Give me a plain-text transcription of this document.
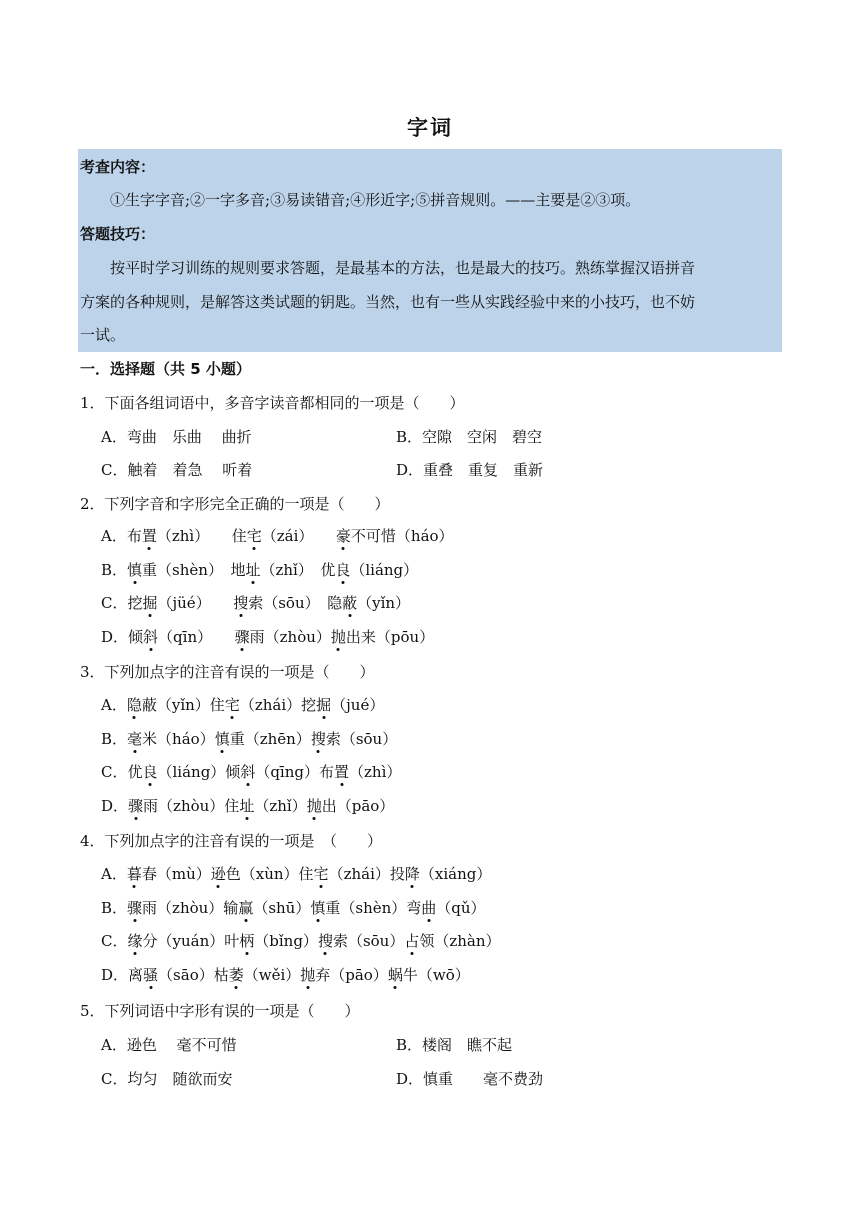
字词
考查内容：
①生字字音;②一字多音;③易读错音;④形近字;⑤拼音规则。——主要是②③项。
答题技巧：
按平时学习训练的规则要求答题，是最基本的方法，也是最大的技巧。熟练掌握汉语拼音
方案的各种规则，是解答这类试题的钥匙。当然，也有一些从实践经验中来的小技巧，也不妨
一试。
一．选择题（共 5 小题）
1．下面各组词语中，多音字读音都相同的一项是（　　）
A．弯曲　乐曲　 曲折	B．空隙　空闲　碧空
C．触着　着急　 听着	D．重叠　重复　重新
2．下列字音和字形完全正确的一项是（　　）
A．布置（zhì）　　住宅（zái）　　豪不可惜（háo）
B．慎重（shèn）　地址（zhǐ）　优良（liáng）
C．挖掘（jüé）　　搜索（sōu）　隐蔽（yǐn）
D．倾斜（qīn）　　骤雨（zhòu）抛出来（pōu）
3．下列加点字的注音有误的一项是（　　）
A．隐蔽（yǐn）住宅（zhái）挖掘（jué）
B．毫米（háo）慎重（zhēn）搜索（sōu）
C．优良（liáng）倾斜（qīng）布置（zhì）
D．骤雨（zhòu）住址（zhǐ）抛出（pāo）
4．下列加点字的注音有误的一项是　（　　）
A．暮春（mù）逊色（xùn）住宅（zhái）投降（xiáng）
B．骤雨（zhòu）输赢（shū）慎重（shèn）弯曲（qǔ）
C．缘分（yuán）叶柄（bǐng）搜索（sōu）占领（zhàn）
D．离骚（sāo）枯萎（wěi）抛弃（pāo）蜗牛（wō）
5．下列词语中字形有误的一项是（　　）
A．逊色　 毫不可惜	B．楼阁　瞧不起
C．均匀　随欲而安	D．慎重　　毫不费劲
